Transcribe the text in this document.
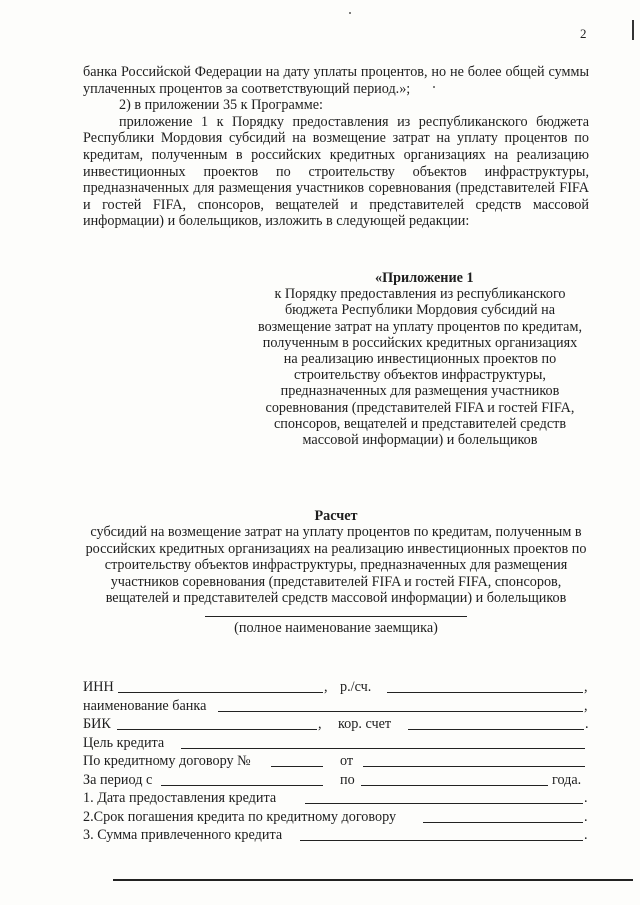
2

банка Российской Федерации на дату уплаты процентов, но не более общей суммы уплаченных процентов за соответствующий период.»;

2) в приложении 35 к Программе:

приложение 1 к Порядку предоставления из республиканского бюджета Республики Мордовия субсидий на возмещение затрат на уплату процентов по кредитам, полученным в российских кредитных организациях на реализацию инвестиционных проектов по строительству объектов инфраструктуры, предназначенных для размещения участников соревнования (представителей FIFA и гостей FIFA, спонсоров, вещателей и представителей средств массовой информации) и болельщиков, изложить в следующей редакции:

«Приложение 1
к Порядку предоставления из республиканского бюджета Республики Мордовия субсидий на возмещение затрат на уплату процентов по кредитам, полученным в российских кредитных организациях на реализацию инвестиционных проектов по строительству объектов инфраструктуры, предназначенных для размещения участников соревнования (представителей FIFA и гостей FIFA, спонсоров, вещателей и представителей средств массовой информации) и болельщиков
Расчет
субсидий на возмещение затрат на уплату процентов по кредитам, полученным в российских кредитных организациях на реализацию инвестиционных проектов по строительству объектов инфраструктуры, предназначенных для размещения участников соревнования (представителей FIFA и гостей FIFA, спонсоров, вещателей и представителей средств массовой информации) и болельщиков
(полное наименование заемщика)
ИНН	, р./сч.	,
наименование банка	,
БИК	, кор. счет	.
Цель кредита
По кредитному договору №	от
За период с	по	года.
1. Дата предоставления кредита	.
2.Срок погашения кредита по кредитному договору	.
3. Сумма привлеченного кредита	.
